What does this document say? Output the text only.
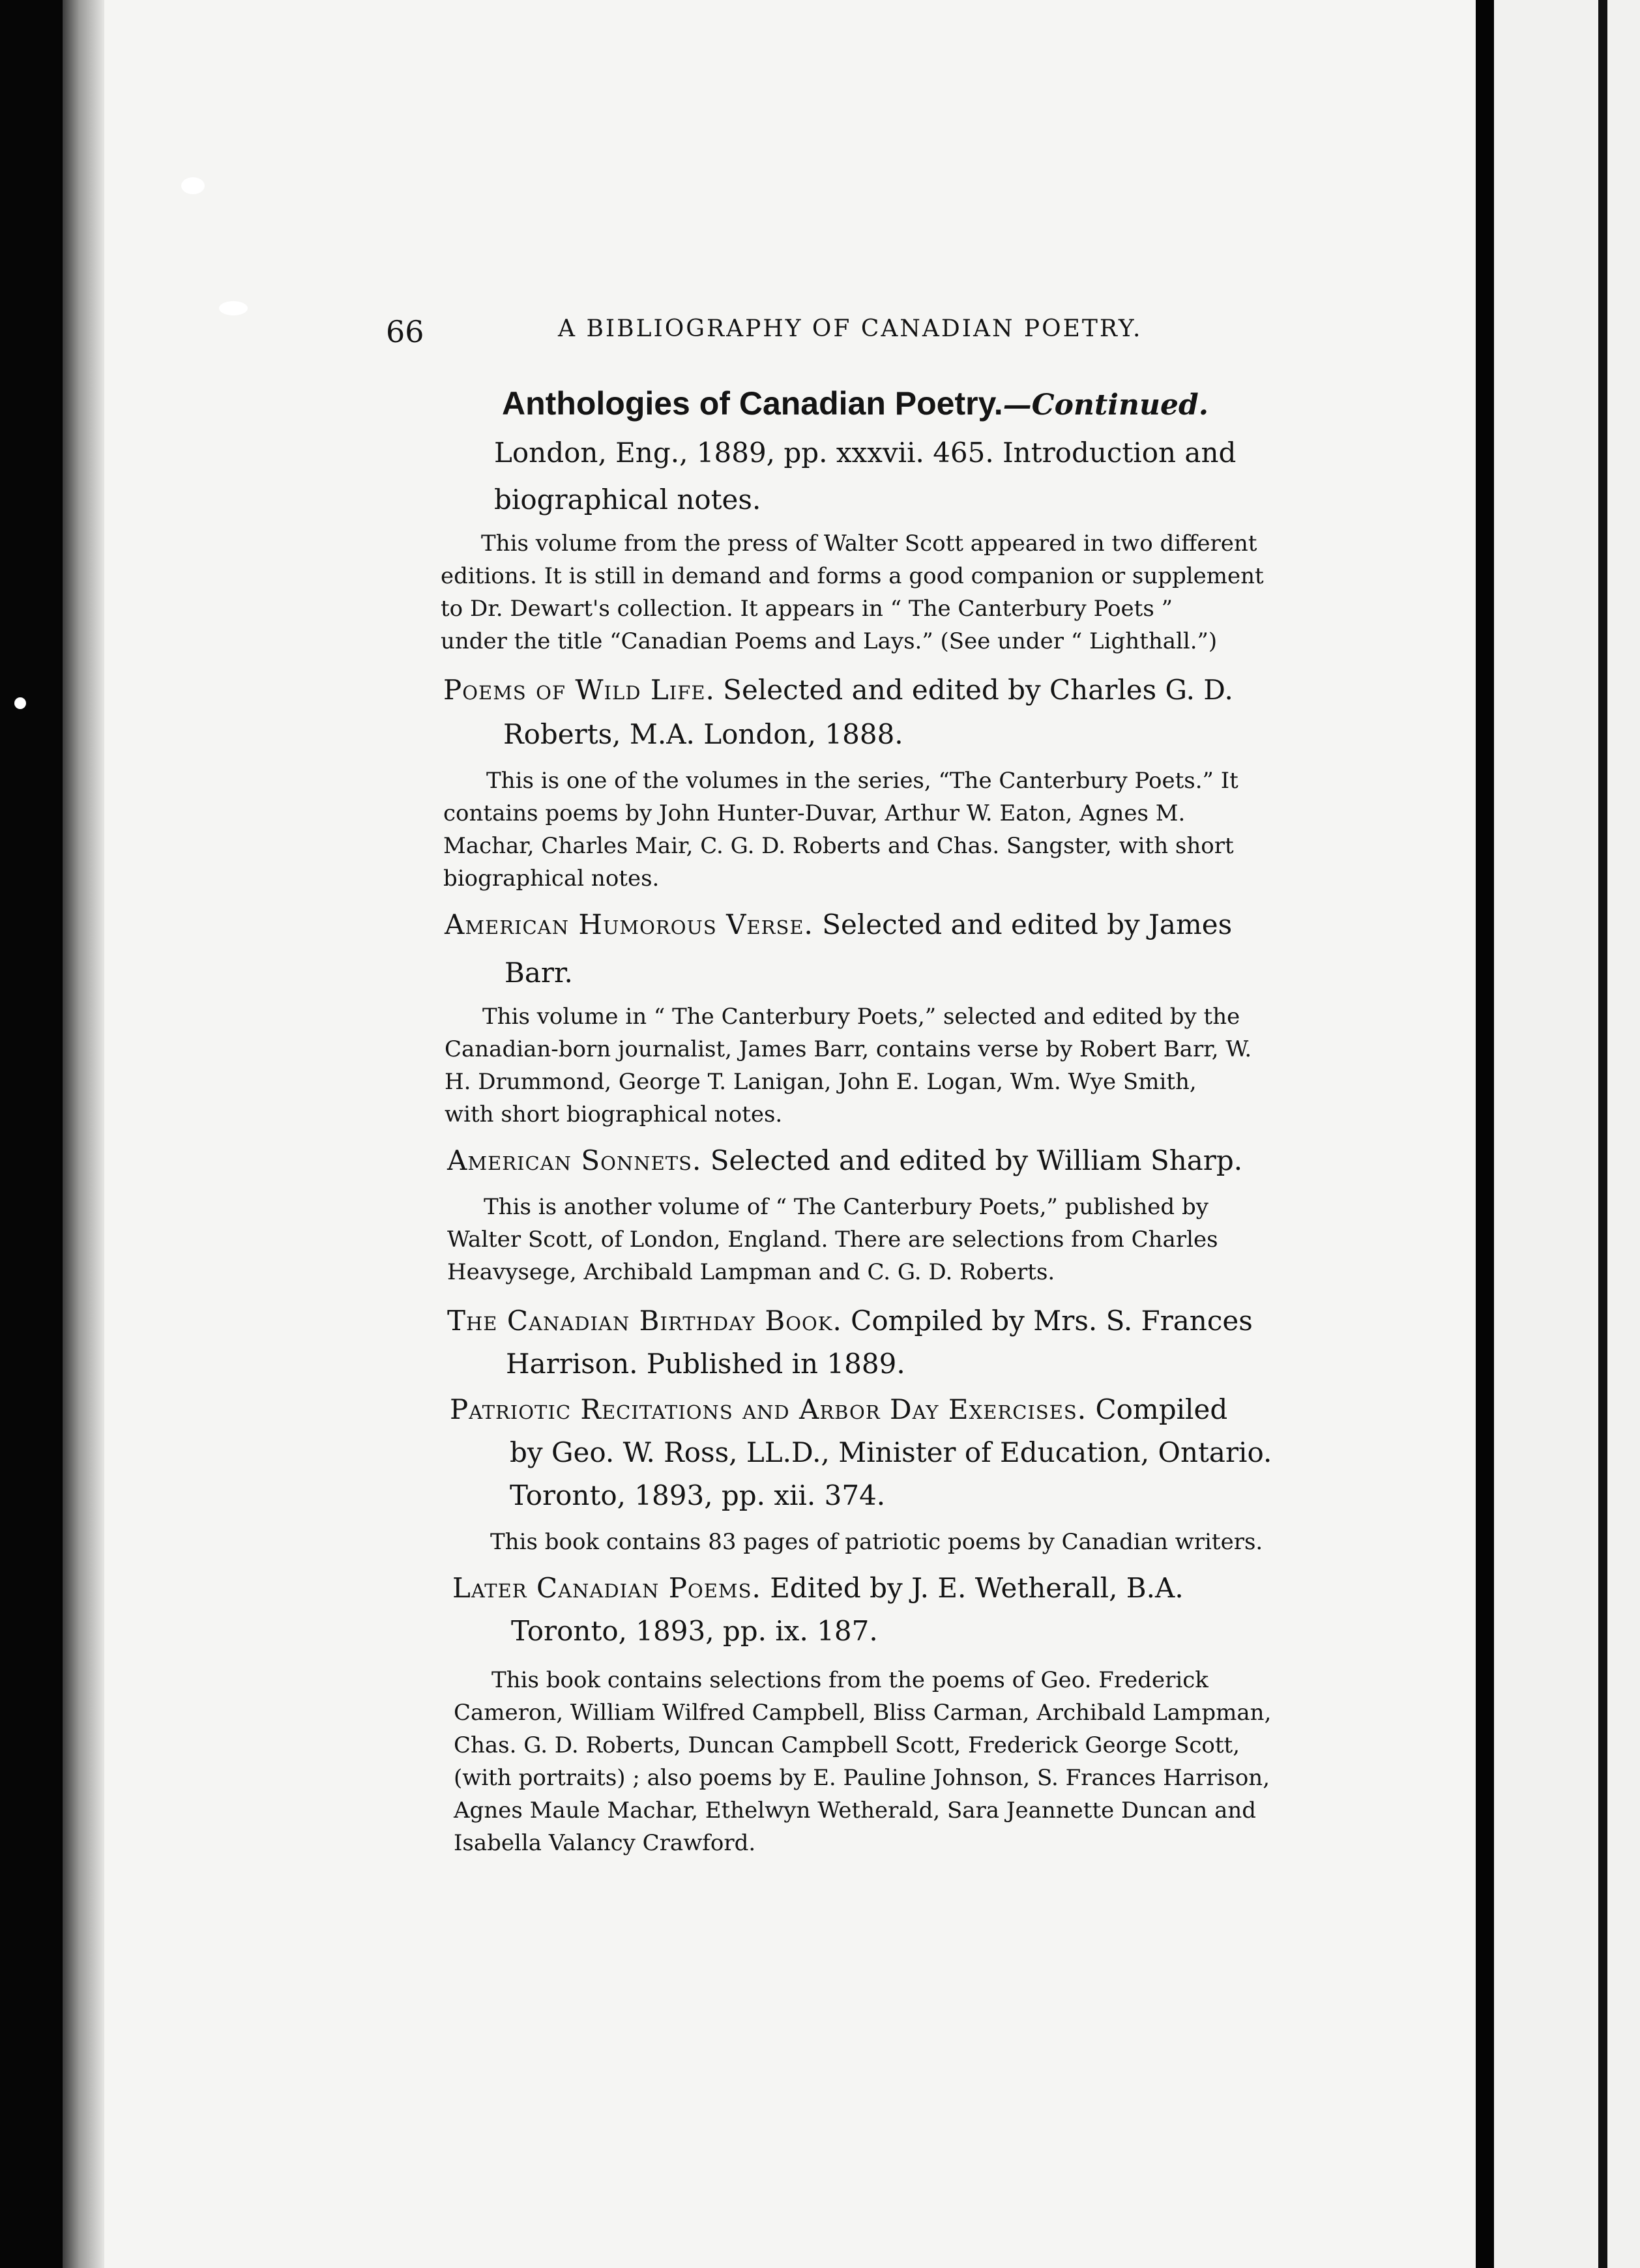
66	A BIBLIOGRAPHY OF CANADIAN POETRY.
Anthologies of Canadian Poetry.—Continued.
London, Eng., 1889, pp. xxxvii. 465. Introduction and
biographical notes.
This volume from the press of Walter Scott appeared in two different
editions. It is still in demand and forms a good companion or supplement
to Dr. Dewart's collection. It appears in “ The Canterbury Poets ”
under the title “Canadian Poems and Lays.” (See under “ Lighthall.”)
Poems of Wild Life. Selected and edited by Charles G. D.
Roberts, M.A. London, 1888.
This is one of the volumes in the series, “The Canterbury Poets.” It
contains poems by John Hunter-Duvar, Arthur W. Eaton, Agnes M.
Machar, Charles Mair, C. G. D. Roberts and Chas. Sangster, with short
biographical notes.
American Humorous Verse. Selected and edited by James
Barr.
This volume in “ The Canterbury Poets,” selected and edited by the
Canadian-born journalist, James Barr, contains verse by Robert Barr, W.
H. Drummond, George T. Lanigan, John E. Logan, Wm. Wye Smith,
with short biographical notes.
American Sonnets. Selected and edited by William Sharp.
This is another volume of “ The Canterbury Poets,” published by
Walter Scott, of London, England. There are selections from Charles
Heavysege, Archibald Lampman and C. G. D. Roberts.
The Canadian Birthday Book. Compiled by Mrs. S. Frances
Harrison. Published in 1889.
Patriotic Recitations and Arbor Day Exercises. Compiled
by Geo. W. Ross, LL.D., Minister of Education, Ontario.
Toronto, 1893, pp. xii. 374.
This book contains 83 pages of patriotic poems by Canadian writers.
Later Canadian Poems. Edited by J. E. Wetherall, B.A.
Toronto, 1893, pp. ix. 187.
This book contains selections from the poems of Geo. Frederick
Cameron, William Wilfred Campbell, Bliss Carman, Archibald Lampman,
Chas. G. D. Roberts, Duncan Campbell Scott, Frederick George Scott,
(with portraits) ; also poems by E. Pauline Johnson, S. Frances Harrison,
Agnes Maule Machar, Ethelwyn Wetherald, Sara Jeannette Duncan and
Isabella Valancy Crawford.
